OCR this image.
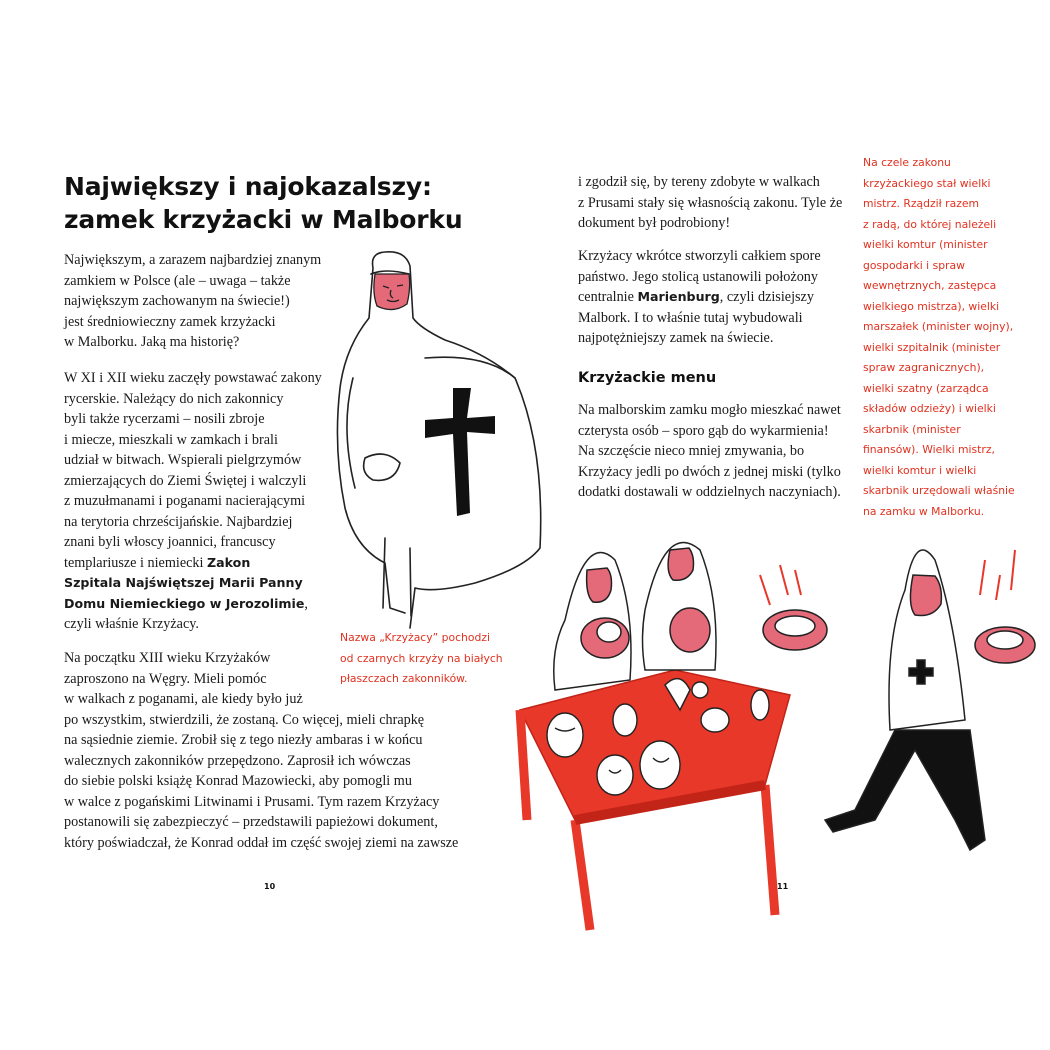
Największy i najokazalszy:
zamek krzyżacki w Malborku

Największym, a zarazem najbardziej znanym
zamkiem w Polsce (ale – uwaga – także
największym zachowanym na świecie!)
jest średniowieczny zamek krzyżacki
w Malborku. Jaką ma historię?

W XI i XII wieku zaczęły powstawać zakony
rycerskie. Należący do nich zakonnicy
byli także rycerzami – nosili zbroje
i miecze, mieszkali w zamkach i brali
udział w bitwach. Wspierali pielgrzymów
zmierzających do Ziemi Świętej i walczyli
z muzułmanami i poganami nacierającymi
na terytoria chrześcijańskie. Najbardziej
znani byli włoscy joannici, francuscy
templariusze i niemiecki Zakon
Szpitala Najświętszej Marii Panny
Domu Niemieckiego w Jerozolimie,
czyli właśnie Krzyżacy.

Nazwa „Krzyżacy” pochodzi
od czarnych krzyży na białych
płaszczach zakonników.

Na początku XIII wieku Krzyżaków
zaproszono na Węgry. Mieli pomóc
w walkach z poganami, ale kiedy było już
po wszystkim, stwierdzili, że zostaną. Co więcej, mieli chrapkę
na sąsiednie ziemie. Zrobił się z tego niezły ambaras i w końcu
walecznych zakonników przepędzono. Zaprosił ich wówczas
do siebie polski książę Konrad Mazowiecki, aby pomogli mu
w walce z pogańskimi Litwinami i Prusami. Tym razem Krzyżacy
postanowili się zabezpieczyć – przedstawili papieżowi dokument,
który poświadczał, że Konrad oddał im część swojej ziemi na zawsze

10

i zgodził się, by tereny zdobyte w walkach
z Prusami stały się własnością zakonu. Tyle że
dokument był podrobiony!

Krzyżacy wkrótce stworzyli całkiem spore
państwo. Jego stolicą ustanowili położony
centralnie Marienburg, czyli dzisiejszy
Malbork. I to właśnie tutaj wybudowali
najpotężniejszy zamek na świecie.

Krzyżackie menu

Na malborskim zamku mogło mieszkać nawet
czterysta osób – sporo gąb do wykarmienia!
Na szczęście nieco mniej zmywania, bo
Krzyżacy jedli po dwóch z jednej miski (tylko
dodatki dostawali w oddzielnych naczyniach).

Na czele zakonu
krzyżackiego stał wielki
mistrz. Rządził razem
z radą, do której należeli
wielki komtur (minister
gospodarki i spraw
wewnętrznych, zastępca
wielkiego mistrza), wielki
marszałek (minister wojny),
wielki szpitalnik (minister
spraw zagranicznych),
wielki szatny (zarządca
składów odzieży) i wielki
skarbnik (minister
finansów). Wielki mistrz,
wielki komtur i wielki
skarbnik urzędowali właśnie
na zamku w Malborku.
11
